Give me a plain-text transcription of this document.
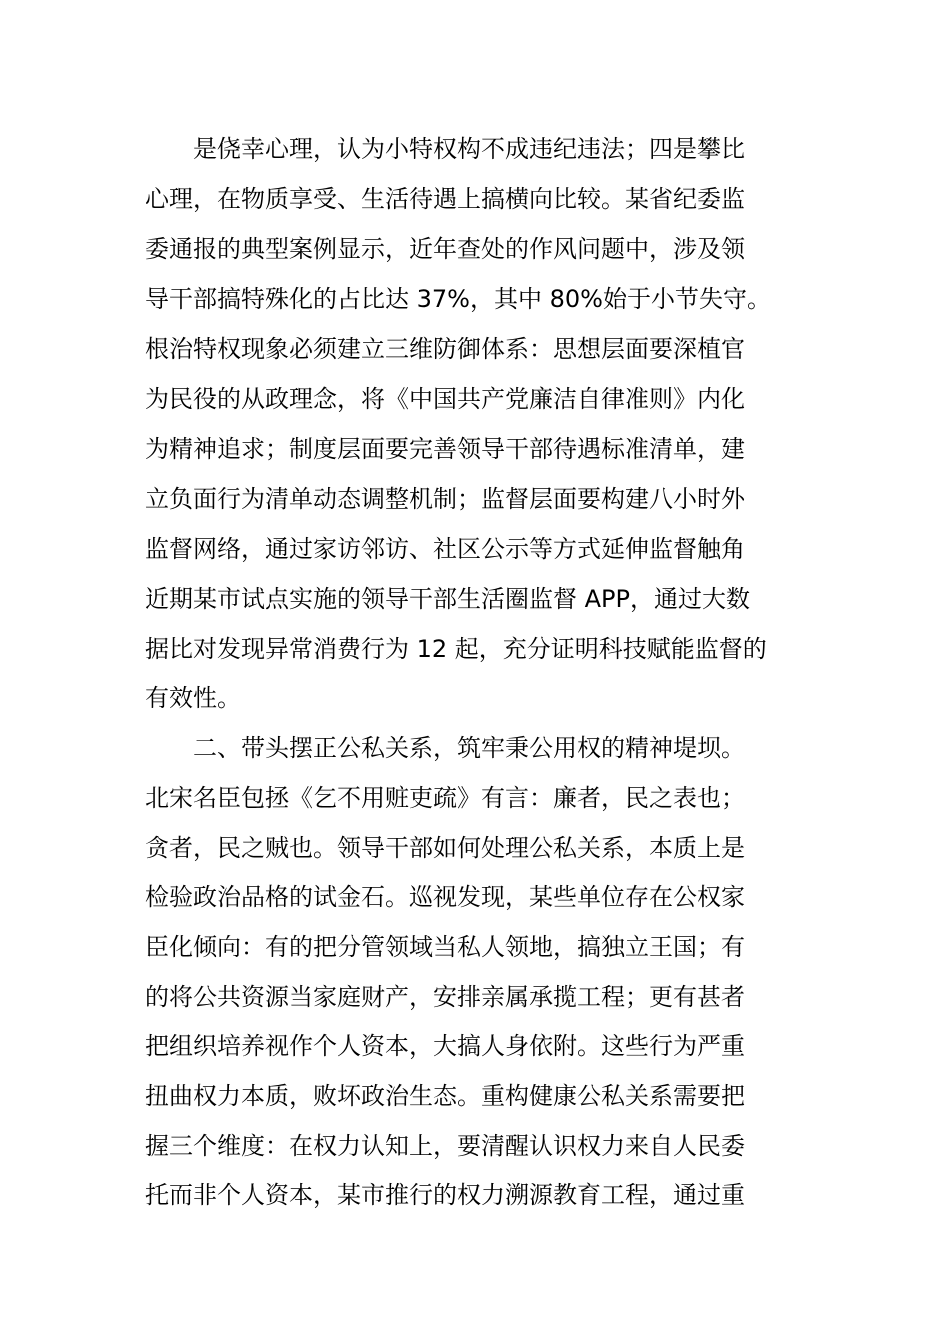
是侥幸心理，认为小特权构不成违纪违法；四是攀比
心理，在物质享受、生活待遇上搞横向比较。某省纪委监
委通报的典型案例显示，近年查处的作风问题中，涉及领
导干部搞特殊化的占比达 37%，其中 80%始于小节失守。
根治特权现象必须建立三维防御体系：思想层面要深植官
为民役的从政理念，将《中国共产党廉洁自律准则》内化
为精神追求；制度层面要完善领导干部待遇标准清单，建
立负面行为清单动态调整机制；监督层面要构建八小时外
监督网络，通过家访邻访、社区公示等方式延伸监督触角
近期某市试点实施的领导干部生活圈监督 APP，通过大数
据比对发现异常消费行为 12 起，充分证明科技赋能监督的
有效性。
二、带头摆正公私关系，筑牢秉公用权的精神堤坝。
北宋名臣包拯《乞不用赃吏疏》有言：廉者，民之表也；
贪者，民之贼也。领导干部如何处理公私关系，本质上是
检验政治品格的试金石。巡视发现，某些单位存在公权家
臣化倾向：有的把分管领域当私人领地，搞独立王国；有
的将公共资源当家庭财产，安排亲属承揽工程；更有甚者
把组织培养视作个人资本，大搞人身依附。这些行为严重
扭曲权力本质，败坏政治生态。重构健康公私关系需要把
握三个维度：在权力认知上，要清醒认识权力来自人民委
托而非个人资本，某市推行的权力溯源教育工程，通过重
